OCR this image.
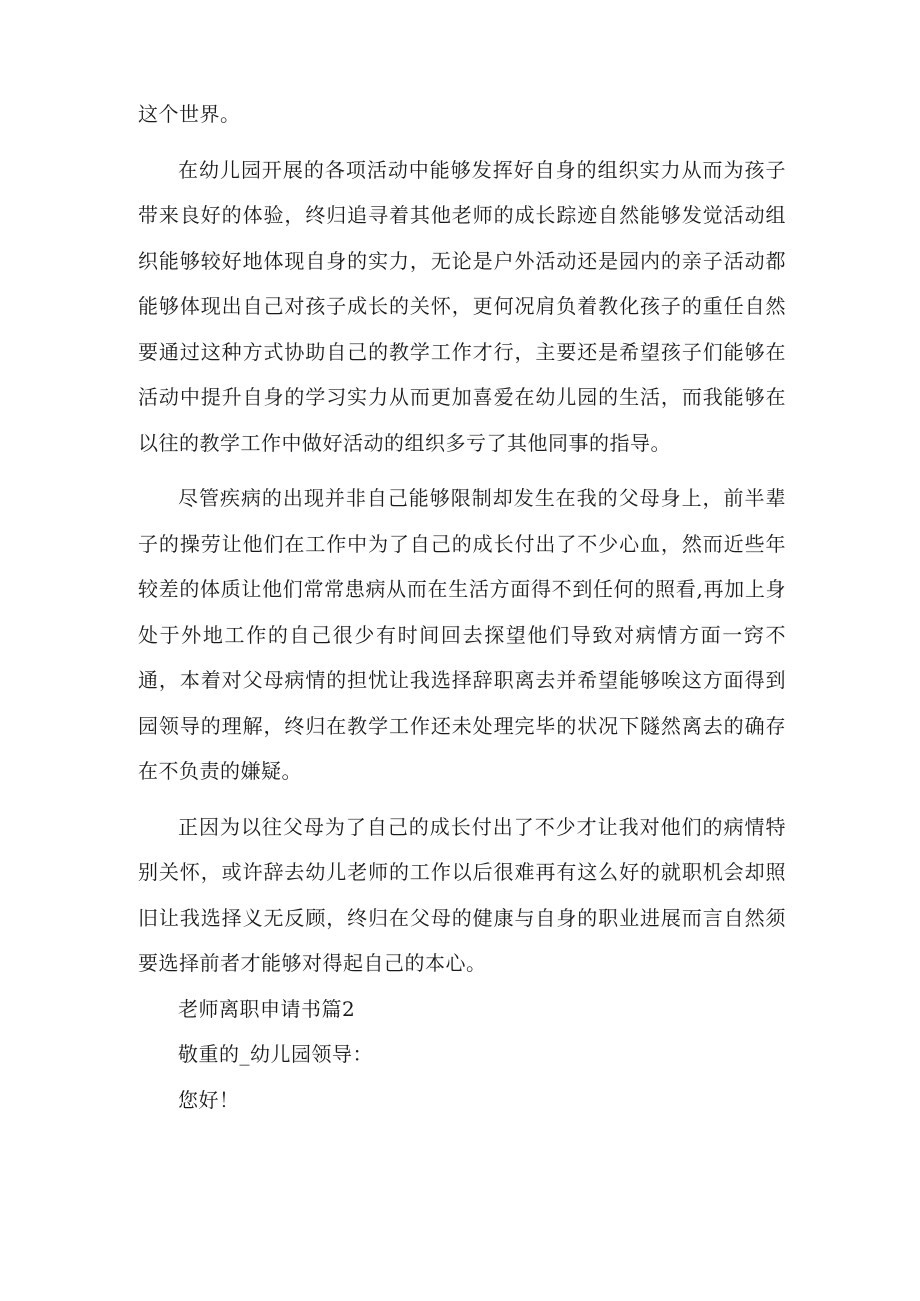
这个世界。

在幼儿园开展的各项活动中能够发挥好自身的组织实力从而为孩子带来良好的体验，终归追寻着其他老师的成长踪迹自然能够发觉活动组织能够较好地体现自身的实力，无论是户外活动还是园内的亲子活动都能够体现出自己对孩子成长的关怀，更何况肩负着教化孩子的重任自然要通过这种方式协助自己的教学工作才行，主要还是希望孩子们能够在活动中提升自身的学习实力从而更加喜爱在幼儿园的生活，而我能够在以往的教学工作中做好活动的组织多亏了其他同事的指导。

尽管疾病的出现并非自己能够限制却发生在我的父母身上，前半辈子的操劳让他们在工作中为了自己的成长付出了不少心血，然而近些年较差的体质让他们常常患病从而在生活方面得不到任何的照看,再加上身处于外地工作的自己很少有时间回去探望他们导致对病情方面一窍不通，本着对父母病情的担忧让我选择辞职离去并希望能够唉这方面得到园领导的理解，终归在教学工作还未处理完毕的状况下隧然离去的确存在不负责的嫌疑。

正因为以往父母为了自己的成长付出了不少才让我对他们的病情特别关怀，或许辞去幼儿老师的工作以后很难再有这么好的就职机会却照旧让我选择义无反顾，终归在父母的健康与自身的职业进展而言自然须要选择前者才能够对得起自己的本心。

老师离职申请书篇2

敬重的_幼儿园领导：

您好！
